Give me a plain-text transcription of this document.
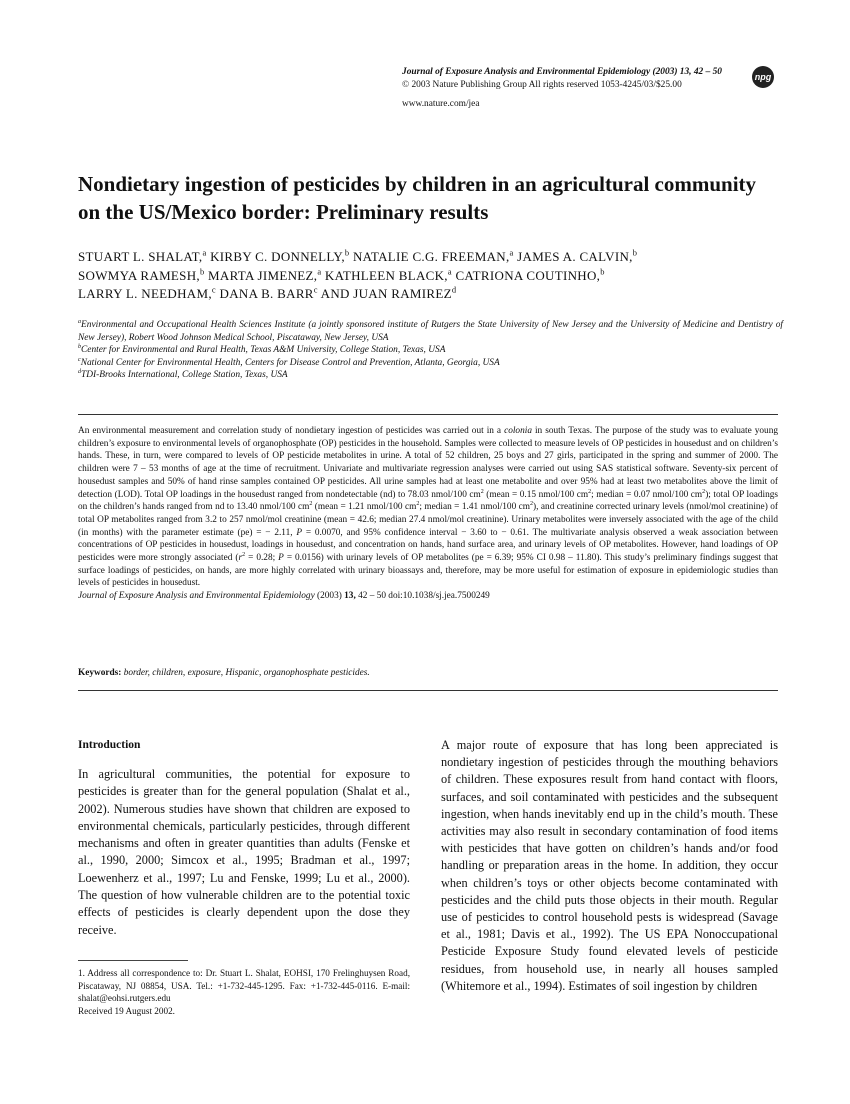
Journal of Exposure Analysis and Environmental Epidemiology (2003) 13, 42 – 50
© 2003 Nature Publishing Group All rights reserved 1053-4245/03/$25.00
npg
www.nature.com/jea
Nondietary ingestion of pesticides by children in an agricultural community on the US/Mexico border: Preliminary results
STUART L. SHALAT,$^a$ KIRBY C. DONNELLY,$^b$ NATALIE C.G. FREEMAN,$^a$ JAMES A. CALVIN,$^b$
SOWMYA RAMESH,$^b$ MARTA JIMENEZ,$^a$ KATHLEEN BLACK,$^a$ CATRIONA COUTINHO,$^b$
LARRY L. NEEDHAM,$^c$ DANA B. BARR$^c$ AND JUAN RAMIREZ$^d$
$^a$Environmental and Occupational Health Sciences Institute (a jointly sponsored institute of Rutgers the State University of New Jersey and the University of Medicine and Dentistry of New Jersey), Robert Wood Johnson Medical School, Piscataway, New Jersey, USA
$^b$Center for Environmental and Rural Health, Texas A&M University, College Station, Texas, USA
$^c$National Center for Environmental Health, Centers for Disease Control and Prevention, Atlanta, Georgia, USA
$^d$TDI-Brooks International, College Station, Texas, USA

An environmental measurement and correlation study of nondietary ingestion of pesticides was carried out in a colonia in south Texas. The purpose of the study was to evaluate young children’s exposure to environmental levels of organophosphate (OP) pesticides in the household. Samples were collected to measure levels of OP pesticides in housedust and on children’s hands. These, in turn, were compared to levels of OP pesticide metabolites in urine. A total of 52 children, 25 boys and 27 girls, participated in the spring and summer of 2000. The children were 7 – 53 months of age at the time of recruitment. Univariate and multivariate regression analyses were carried out using SAS statistical software. Seventy-six percent of housedust samples and 50% of hand rinse samples contained OP pesticides. All urine samples had at least one metabolite and over 95% had at least two metabolites above the limit of detection (LOD). Total OP loadings in the housedust ranged from nondetectable (nd) to 78.03 nmol/100 $cm^2$ (mean = 0.15 nmol/100 $cm^2$; median = 0.07 nmol/100 $cm^2$); total OP loadings on the children’s hands ranged from nd to 13.40 nmol/100 $cm^2$ (mean = 1.21 nmol/100 $cm^2$; median = 1.41 nmol/100 $cm^2$), and creatinine corrected urinary levels (nmol/mol creatinine) of total OP metabolites ranged from 3.2 to 257 nmol/mol creatinine (mean = 42.6; median 27.4 nmol/mol creatinine). Urinary metabolites were inversely associated with the age of the child (in months) with the parameter estimate (pe) = − 2.11, P = 0.0070, and 95% confidence interval − 3.60 to − 0.61. The multivariate analysis observed a weak association between concentrations of OP pesticides in housedust, loadings in housedust, and concentration on hands, hand surface area, and urinary levels of OP metabolites. However, hand loadings of OP pesticides were more strongly associated ($r^2 = 0.28$; P = 0.0156) with urinary levels of OP metabolites (pe = 6.39; 95% CI 0.98 – 11.80). This study’s preliminary findings suggest that surface loadings of pesticides, on hands, are more highly correlated with urinary bioassays and, therefore, may be more useful for estimation of exposure in epidemiologic studies than levels of pesticides in housedust.
Journal of Exposure Analysis and Environmental Epidemiology (2003) 13, 42 – 50 doi:10.1038/sj.jea.7500249

Keywords: border, children, exposure, Hispanic, organophosphate pesticides.
Introduction

In agricultural communities, the potential for exposure to pesticides is greater than for the general population (Shalat et al., 2002). Numerous studies have shown that children are exposed to environmental chemicals, particularly pesticides, through different mechanisms and often in greater quantities than adults (Fenske et al., 1990, 2000; Simcox et al., 1995; Bradman et al., 1997; Loewenherz et al., 1997; Lu and Fenske, 1999; Lu et al., 2000). The question of how vulnerable children are to the potential toxic effects of pesticides is clearly dependent upon the dose they receive.

1. Address all correspondence to: Dr. Stuart L. Shalat, EOHSI, 170 Frelinghuysen Road, Piscataway, NJ 08854, USA. Tel.: +1-732-445-1295. Fax: +1-732-445-0116. E-mail: shalat@eohsi.rutgers.edu
Received 19 August 2002.

A major route of exposure that has long been appreciated is nondietary ingestion of pesticides through the mouthing behaviors of children. These exposures result from hand contact with floors, surfaces, and soil contaminated with pesticides and the subsequent ingestion, when hands inevitably end up in the child’s mouth. These activities may also result in secondary contamination of food items with pesticides that have gotten on children’s hands and/or food handling or preparation areas in the home. In addition, they occur when children’s toys or other objects become contaminated with pesticides and the child puts those objects in their mouth. Regular use of pesticides to control household pests is widespread (Savage et al., 1981; Davis et al., 1992). The US EPA Nonoccupational Pesticide Exposure Study found elevated levels of pesticide residues, from household use, in nearly all houses sampled (Whitemore et al., 1994). Estimates of soil ingestion by children
